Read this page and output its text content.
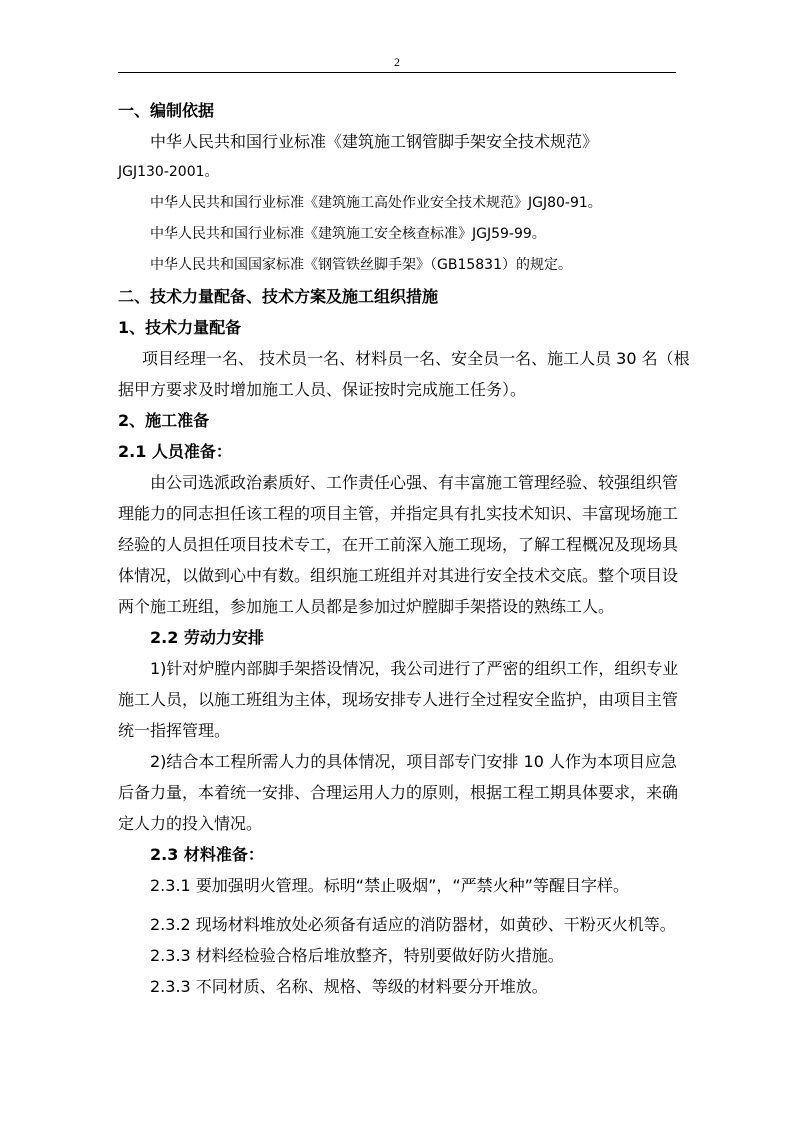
2
一、编制依据
中华人民共和国行业标准《建筑施工钢管脚手架安全技术规范》
JGJ130-2001。
中华人民共和国行业标准《建筑施工高处作业安全技术规范》JGJ80-91。
中华人民共和国行业标准《建筑施工安全核查标准》JGJ59-99。
中华人民共和国国家标准《钢管铁丝脚手架》（GB15831）的规定。
二、技术力量配备、技术方案及施工组织措施
1、技术力量配备
项目经理一名、 技术员一名、材料员一名、安全员一名、施工人员 30 名（根
据甲方要求及时增加施工人员、保证按时完成施工任务）。
2、施工准备
2.1 人员准备：
由公司选派政治素质好、工作责任心强、有丰富施工管理经验、较强组织管
理能力的同志担任该工程的项目主管，并指定具有扎实技术知识、丰富现场施工
经验的人员担任项目技术专工，在开工前深入施工现场，了解工程概况及现场具
体情况，以做到心中有数。组织施工班组并对其进行安全技术交底。整个项目设
两个施工班组，参加施工人员都是参加过炉膛脚手架搭设的熟练工人。
2.2 劳动力安排
1)针对炉膛内部脚手架搭设情况，我公司进行了严密的组织工作，组织专业
施工人员，以施工班组为主体，现场安排专人进行全过程安全监护，由项目主管
统一指挥管理。
2)结合本工程所需人力的具体情况，项目部专门安排 10 人作为本项目应急
后备力量，本着统一安排、合理运用人力的原则，根据工程工期具体要求，来确
定人力的投入情况。
2.3 材料准备：
2.3.1 要加强明火管理。标明“禁止吸烟”，“严禁火种”等醒目字样。
2.3.2 现场材料堆放处必须备有适应的消防器材，如黄砂、干粉灭火机等。
2.3.3 材料经检验合格后堆放整齐，特别要做好防火措施。
2.3.3 不同材质、名称、规格、等级的材料要分开堆放。
